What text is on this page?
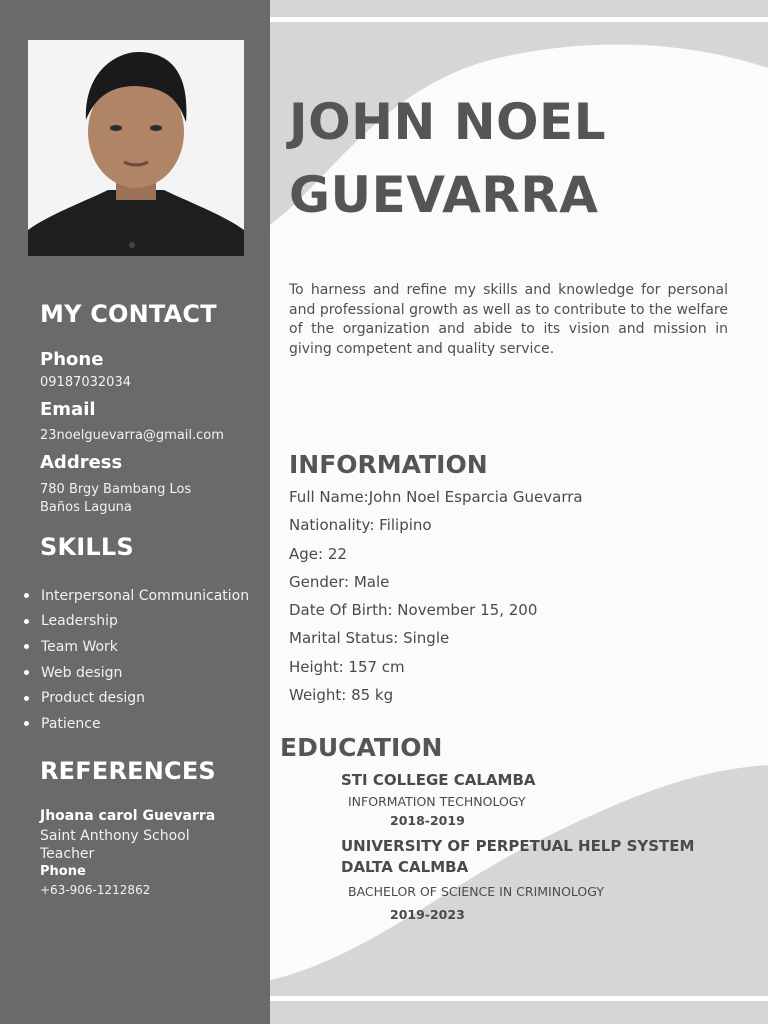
MY CONTACT
Phone
09187032034
Email
23noelguevarra@gmail.com
Address
780 Brgy Bambang Los
Baños Laguna
SKILLS
Interpersonal Communication
Leadership
Team Work
Web design
Product design
Patience
REFERENCES
Jhoana carol Guevarra
Saint Anthony School
Teacher
Phone
+63-906-1212862
JOHN NOEL
GUEVARRA

To harness and refine my skills and knowledge for personal and professional growth as well as to contribute to the welfare of the organization and abide to its vision and mission in giving competent and quality service.

INFORMATION
Full Name:John Noel Esparcia Guevarra
Nationality: Filipino
Age: 22
Gender: Male
Date Of Birth: November 15, 200
Marital Status: Single
Height: 157 cm
Weight: 85 kg
EDUCATION
STI COLLEGE CALAMBA
INFORMATION TECHNOLOGY
2018-2019
UNIVERSITY OF PERPETUAL HELP SYSTEM
DALTA CALMBA
BACHELOR OF SCIENCE IN CRIMINOLOGY
2019-2023
